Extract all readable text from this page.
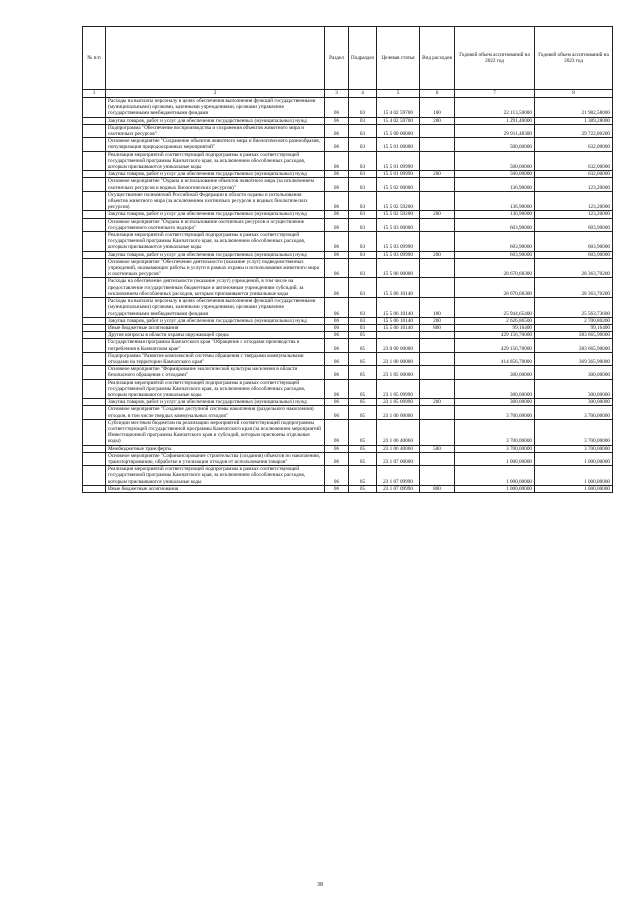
№ п/п		Раздел	Подраздел	Целевая статья	Вид расходов	Годовой объем ассигнований на 2022 год	Годовой объем ассигнований на 2023 год
1	2	3	4	5	6	7	8
	Расходы на выплаты персоналу в целях обеспечения выполнения функций государственными (муниципальными) органами, казенными учреждениями, органами управления государственными внебюджетными фондами	06	03	15 4 02 59700	100	22 113,50000	21 982,58000
	Закупка товаров, работ и услуг для обеспечения государственных (муниципальных) нужд	06	03	15 4 02 59700	200	1 291,40000	1 389,28000
	Подпрограмма "Обеспечение воспроизводства и сохранения объектов животного мира и охотничьих ресурсов"	06	03	15 5 00 00000		29 911,48300	29 722,80200
	Основное мероприятие "Сохранение объектов животного мира и биологического разнообразия, популяризация природоохранных мероприятий"	06	03	15 5 01 00000		500,00000	632,00000
	Реализация мероприятий соответствующей подпрограммы в рамках соответствующей государственной программы Камчатского края, за исключением обособленных расходов, которым присваиваются уникальные коды	06	03	15 5 01 09990		500,00000	632,00000
	Закупка товаров, работ и услуг для обеспечения государственных (муниципальных) нужд	06	03	15 5 01 09990	200	500,00000	632,00000
	Основное мероприятие "Охрана и использование объектов животного мира (за исключением охотничьих ресурсов и водных биологических ресурсов)"	06	03	15 5 02 00000		136,90000	123,20000
	Осуществление полномочий Российской Федерации в области охраны и использования объектов животного мира (за исключением охотничьих ресурсов и водных биологических ресурсов)	06	03	15 5 02 59200		136,90000	123,20000
	Закупка товаров, работ и услуг для обеспечения государственных (муниципальных) нужд	06	03	15 5 02 59200	200	136,90000	123,20000
	Основное мероприятие "Охрана и использование охотничьих ресурсов и осуществление государственного охотничьего надзора"	06	03	15 5 03 00000		603,90000	603,90000
	Реализация мероприятий соответствующей подпрограммы в рамках соответствующей государственной программы Камчатского края, за исключением обособленных расходов, которым присваиваются уникальные коды	06	03	15 5 03 09990		603,90000	603,90000
	Закупка товаров, работ и услуг для обеспечения государственных (муниципальных) нужд	06	03	15 5 03 09990	200	603,90000	603,90000
	Основное мероприятие "Обеспечение деятельности (оказание услуг) подведомственных учреждений, оказывающих работы и услуги в рамках охраны и использования животного мира и охотничьих ресурсов"	06	03	15 5 06 00000		28 670,68300	28 363,70200
	Расходы на обеспечение деятельности (оказание услуг) учреждений, в том числе на предоставление государственным бюджетным и автономным учреждениям субсидий, за исключением обособленных расходов, которым присваиваются уникальные коды	06	03	15 5 06 10140		28 670,68300	28 363,70200
	Расходы на выплаты персоналу в целях обеспечения выполнения функций государственными (муниципальными) органами, казенными учреждениями, органами управления государственными внебюджетными фондами	06	03	15 5 06 10140	100	25 944,65400	25 563,73600
	Закупка товаров, работ и услуг для обеспечения государственных (муниципальных) нужд	06	03	15 5 06 10140	200	2 626,86500	2 700,80200
	Иные бюджетные ассигнования	06	03	15 5 06 10140	800	99,16400	99,16400
	Другие вопросы в области охраны окружающей среды	06	05			429 156,70000	383 665,90000
	Государственная программа Камчатского края "Обращение с отходами производства и потребления в Камчатском крае"	06	05	23 0 00 00000		429 156,70000	383 665,90000
	Подпрограмма "Развитие комплексной системы обращения с твердыми коммунальными отходами на территории Камчатского края"	06	05	23 1 00 00000		414 856,70000	369 365,90000
	Основное мероприятие "Формирование экологической культуры населения в области безопасного обращения с отходами"	06	05	23 1 05 00000		300,00000	300,00000
	Реализация мероприятий соответствующей подпрограммы в рамках соответствующей государственной программы Камчатского края, за исключением обособленных расходов, которым присваиваются уникальные коды	06	05	23 1 05 09990		300,00000	300,00000
	Закупка товаров, работ и услуг для обеспечения государственных (муниципальных) нужд	06	05	23 1 05 09990	200	300,00000	300,00000
	Основное мероприятие "Создание доступной системы накопления (раздельного накопления) отходов, в том числе твердых коммунальных отходов"	06	05	23 1 06 00000		3 700,00000	3 700,00000
	Субсидии местным бюджетам на реализацию мероприятий соответствующей подпрограммы соответствующей государственной программы Камчатского края (за исключением мероприятий Инвестиционной программы Камчатского края и субсидий, которым присвоены отдельные коды)	06	05	23 1 06 40060		3 700,00000	3 700,00000
	Межбюджетные трансферты	06	05	23 1 06 40060	500	3 700,00000	3 700,00000
	Основное мероприятие "Софинансирование строительства (создания) объектов по накоплению, транспортированию, обработке и утилизации отходов от использования товаров"	06	05	23 1 07 00000		1 000,00000	1 000,00000
	Реализация мероприятий соответствующей подпрограммы в рамках соответствующей государственной программы Камчатского края, за исключением обособленных расходов, которым присваиваются уникальные коды	06	05	23 1 07 09990		1 000,00000	1 000,00000
	Иные бюджетные ассигнования	06	05	23 1 07 09990	800	1 000,00000	1 000,00000
38
